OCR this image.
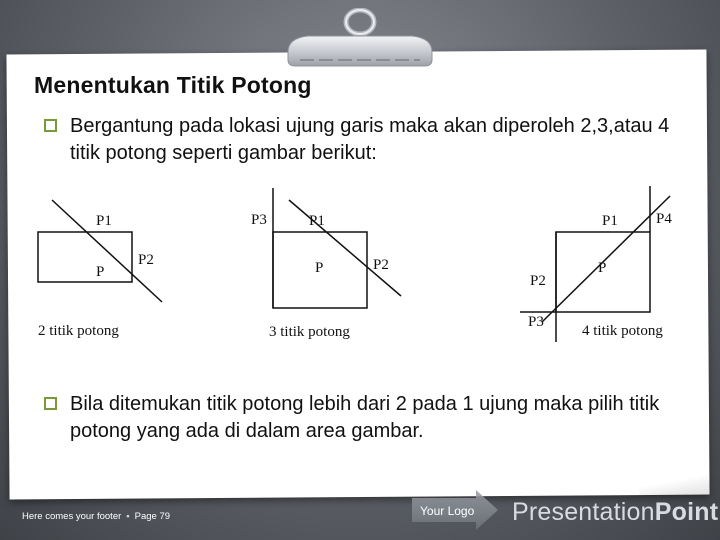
Menentukan Titik Potong
Bergantung pada lokasi ujung garis maka akan diperoleh 2,3,atau 4 titik potong seperti gambar berikut:
P1
P2
P
2 titik potong
P3	P1
P	P2
3 titik potong
P1	P4
P
P2
P3
4 titik potong
Bila ditemukan titik potong lebih dari 2 pada 1 ujung maka pilih titik potong yang ada di dalam area gambar.
Here comes your footer ▪ Page 79	Your Logo	PresentationPoint
